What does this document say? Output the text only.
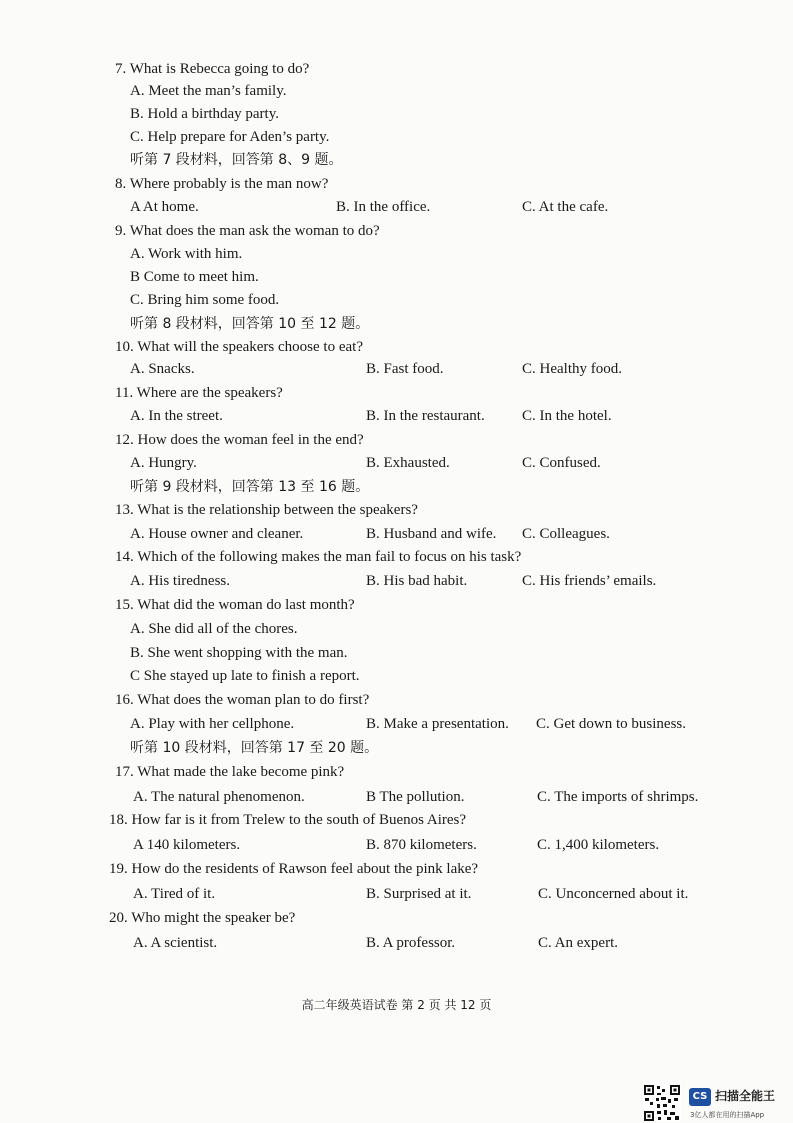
7. What is Rebecca going to do?
A. Meet the man’s family.
B. Hold a birthday party.
C. Help prepare for Aden’s party.
听第 7 段材料，回答第 8、9 题。
8. Where probably is the man now?
A At home.	B. In the office.	C. At the cafe.
9. What does the man ask the woman to do?
A. Work with him.
B Come to meet him.
C. Bring him some food.
听第 8 段材料，回答第 10 至 12 题。
10. What will the speakers choose to eat?
A. Snacks.	B. Fast food.	C. Healthy food.
11. Where are the speakers?
A. In the street.	B. In the restaurant. C. In the hotel.
12. How does the woman feel in the end?
A. Hungry.	B. Exhausted.	C. Confused.
听第 9 段材料，回答第 13 至 16 题。
13. What is the relationship between the speakers?
A. House owner and cleaner.	B. Husband and wife. C. Colleagues.
14. Which of the following makes the man fail to focus on his task?
A. His tiredness.	B. His bad habit.	C. His friends’ emails.
15. What did the woman do last month?
A. She did all of the chores.
B. She went shopping with the man.
C She stayed up late to finish a report.
16. What does the woman plan to do first?
A. Play with her cellphone.	B. Make a presentation. C. Get down to business.
听第 10 段材料，回答第 17 至 20 题。
17. What made the lake become pink?
A. The natural phenomenon.	B The pollution.	C. The imports of shrimps.
18. How far is it from Trelew to the south of Buenos Aires?
A 140 kilometers.	B. 870 kilometers.	C. 1,400 kilometers.
19. How do the residents of Rawson feel about the pink lake?
A. Tired of it.	B. Surprised at it.	C. Unconcerned about it.
20. Who might the speaker be?
A. A scientist.	B. A professor.	C. An expert.
高二年级英语试卷 第 2 页 共 12 页
CS 扫描全能王
3亿人都在用的扫描App
